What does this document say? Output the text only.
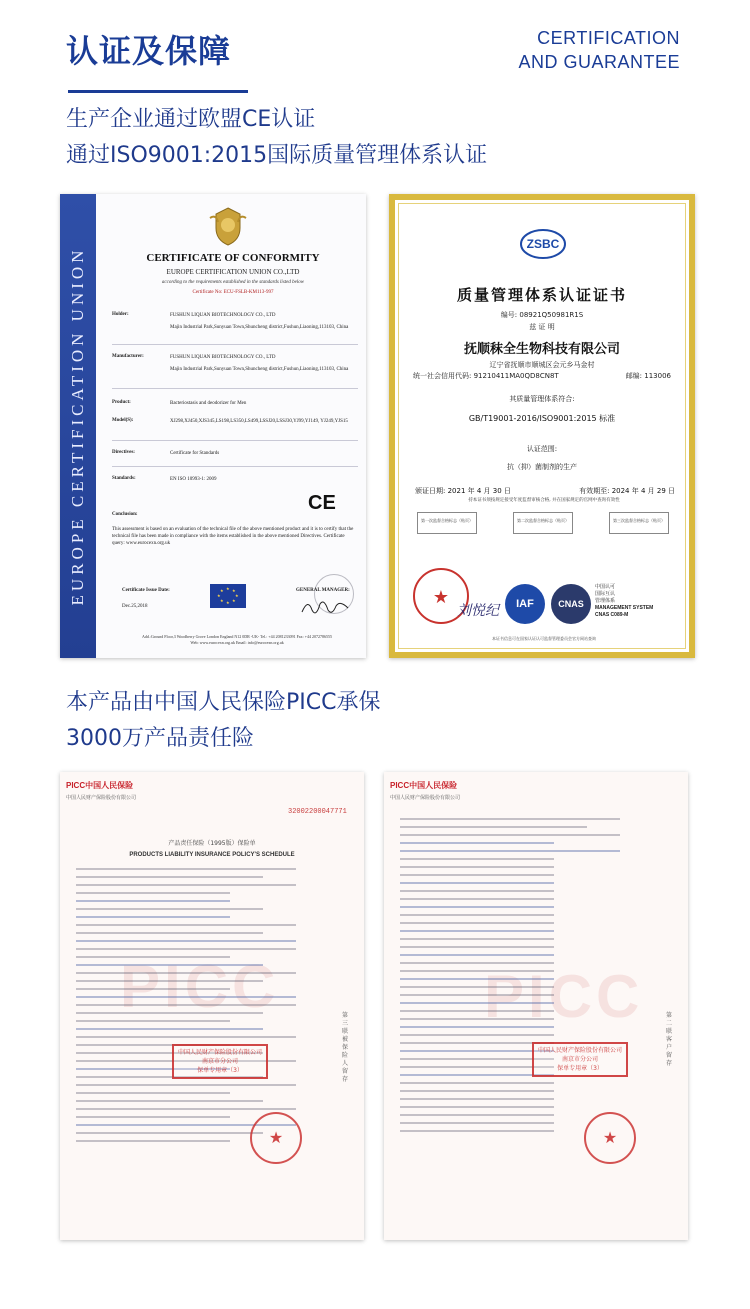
认证及保障	CERTIFICATION
AND GUARANTEE
生产企业通过欧盟CE认证
通过ISO9001:2015国际质量管理体系认证
EUROPE CERTIFICATION UNION	CERTIFICATE OF CONFORMITY
EUROPE CERTIFICATION UNION CO.,LTD
according to the requirements established in the standards listed below
Certificate No: ECU-FSLB-KM113-997
Holder:	FUSHUN LIQUAN BIOTECHNOLOGY CO., LTD
Majin Industrial Park,Sunyuan Town,Shuncheng district,Fushun,Liaoning,113103, China
Manufacturer:	FUSHUN LIQUAN BIOTECHNOLOGY CO., LTD
Majin Industrial Park,Sunyuan Town,Shuncheng district,Fushun,Liaoning,113103, China
Product:	Bacteriostasis and deodorizer for Men
Model(S):	XJ298,XJ450,XJS345,LS198,LS350,LS499,LSSJ20,LSSJ30,YJ99,YJ149, YJ249,YJS15
Directives:	Certificate for Standards
Standards:	EN ISO 10993-1: 2009
CE
Conclusion:
This assessment is based on an evaluation of the technical file of the above mentioned product and it is to certify that the technical file has been made in compliance with the items established in the above mentioned Directives. Certificate query: www.eurocexn.org.uk
Certificate Issue Date:
Dec.25,2018
★ ★
★
★
★
★
★
★	GENERAL MANAGER:
Add.:Ground Floor,3 Woodberry Grove London England N12 0DR -UK- Tel.: +44 2081233091 Fax: +44 2072786555
Web: www.eurocexn.org.uk Email: info@eurocexn.org.uk
ZSBC
质量管理体系认证证书
编号: 08921Q50981R1S
兹 证 明
抚顺秣全生物科技有限公司
辽宁省抚顺市顺城区会元乡马金村
统一社会信用代码: 91210411MA0QD8CN8T	邮编: 113006
其质量管理体系符合:
GB/T19001-2016/ISO9001:2015 标准
认证范围:
抗（抑）菌制剂的生产
颁证日期: 2021 年 4 月 30 日	有效期至: 2024 年 4 月 29 日
持本证书须按规定接受年度监督审核合格, 并在国家规定的官网中查询有效性
第一次监督合格标志（贴页）	第二次监督合格标志（贴页）	第三次监督合格标志（贴页）
★
刘悦纪	IAF	CNAS
中国认可
国际互认
管理体系
MANAGEMENT SYSTEM
CNAS C089-M
本证书信息可在国家认证认可监督管理委员会官方网站查询
本产品由中国人民保险PICC承保
3000万产品责任险
PICC中国人民保险
中国人民财产保险股份有限公司
32002200047771
产品责任保险（1995版）保险单
PRODUCTS LIABILITY INSURANCE POLICY'S SCHEDULE
PICC
中国人民财产保险股份有限公司
南京市分公司
保单专用章（3）
★
第三联 被保险人留存
PICC中国人民保险
中国人民财产保险股份有限公司
PICC
中国人民财产保险股份有限公司
南京市分公司
保单专用章（3）
★
第二联 客户留存
